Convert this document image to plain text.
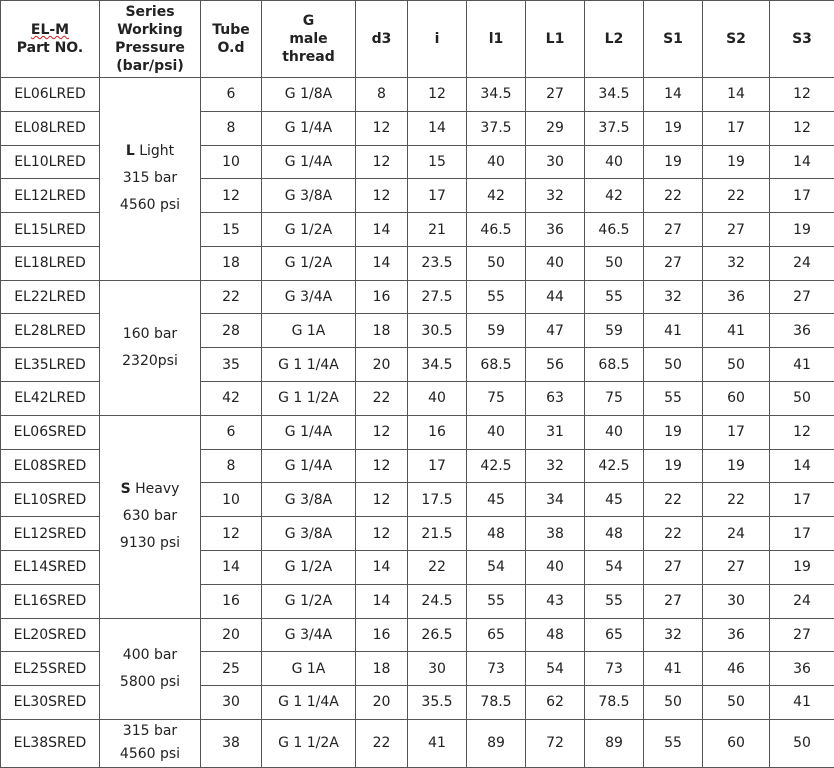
EL-M
Part NO.	Series
Working
Pressure
(bar/psi)	Tube
O.d	G
male
thread	d3	i	l1	L1	L2	S1	S2	S3
EL06LRED	L Light
315 bar
4560 psi	6	G 1/8A	8	12	34.5	27	34.5	14	14	12
EL08LRED		8	G 1/4A	12	14	37.5	29	37.5	19	17	12
EL10LRED		10	G 1/4A	12	15	40	30	40	19	19	14
EL12LRED		12	G 3/8A	12	17	42	32	42	22	22	17
EL15LRED		15	G 1/2A	14	21	46.5	36	46.5	27	27	19
EL18LRED		18	G 1/2A	14	23.5	50	40	50	27	32	24
EL22LRED	160 bar
2320psi	22	G 3/4A	16	27.5	55	44	55	32	36	27
EL28LRED		28	G 1A	18	30.5	59	47	59	41	41	36
EL35LRED		35	G 1 1/4A	20	34.5	68.5	56	68.5	50	50	41
EL42LRED		42	G 1 1/2A	22	40	75	63	75	55	60	50
EL06SRED	S Heavy
630 bar
9130 psi	6	G 1/4A	12	16	40	31	40	19	17	12
EL08SRED		8	G 1/4A	12	17	42.5	32	42.5	19	19	14
EL10SRED		10	G 3/8A	12	17.5	45	34	45	22	22	17
EL12SRED		12	G 3/8A	12	21.5	48	38	48	22	24	17
EL14SRED		14	G 1/2A	14	22	54	40	54	27	27	19
EL16SRED		16	G 1/2A	14	24.5	55	43	55	27	30	24
EL20SRED	400 bar
5800 psi	20	G 3/4A	16	26.5	65	48	65	32	36	27
EL25SRED		25	G 1A	18	30	73	54	73	41	46	36
EL30SRED		30	G 1 1/4A	20	35.5	78.5	62	78.5	50	50	41
EL38SRED	315 bar
4560 psi	38	G 1 1/2A	22	41	89	72	89	55	60	50
